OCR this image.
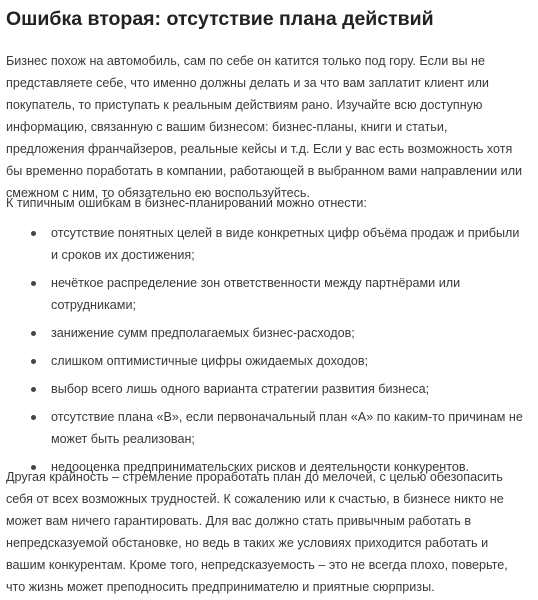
Ошибка вторая: отсутствие плана действий

Бизнес похож на автомобиль, сам по себе он катится только под гору. Если вы не
представляете себе, что именно должны делать и за что вам заплатит клиент или
покупатель, то приступать к реальным действиям рано. Изучайте всю доступную
информацию, связанную с вашим бизнесом: бизнес-планы, книги и статьи,
предложения франчайзеров, реальные кейсы и т.д. Если у вас есть возможность хотя
бы временно поработать в компании, работающей в выбранном вами направлении или
смежном с ним, то обязательно ею воспользуйтесь.

К типичным ошибкам в бизнес-планировании можно отнести:

отсутствие понятных целей в виде конкретных цифр объёма продаж и прибыли
и сроков их достижения;
нечёткое распределение зон ответственности между партнёрами или
сотрудниками;
занижение сумм предполагаемых бизнес-расходов;
слишком оптимистичные цифры ожидаемых доходов;
выбор всего лишь одного варианта стратегии развития бизнеса;
отсутствие плана «В», если первоначальный план «А» по каким-то причинам не
может быть реализован;
недооценка предпринимательских рисков и деятельности конкурентов.

Другая крайность – стремление проработать план до мелочей, с целью обезопасить
себя от всех возможных трудностей. К сожалению или к счастью, в бизнесе никто не
может вам ничего гарантировать. Для вас должно стать привычным работать в
непредсказуемой обстановке, но ведь в таких же условиях приходится работать и
вашим конкурентам. Кроме того, непредсказуемость – это не всегда плохо, поверьте,
что жизнь может преподносить предпринимателю и приятные сюрпризы.
